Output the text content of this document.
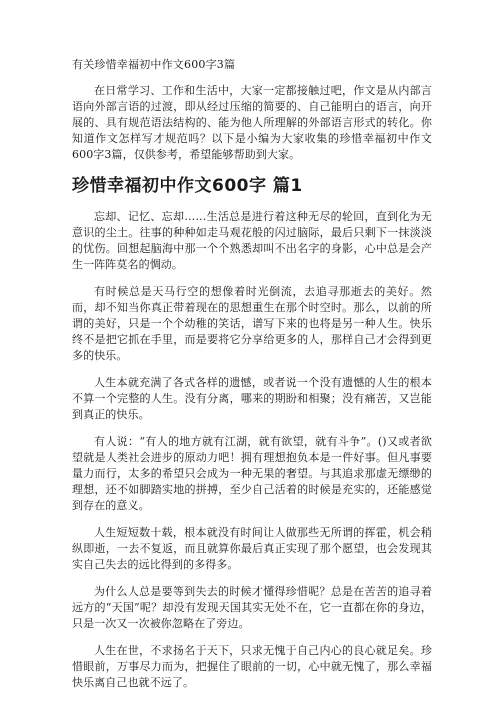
有关珍惜幸福初中作文600字3篇

在日常学习、工作和生活中，大家一定都接触过吧，作文是从内部言语向外部言语的过渡，即从经过压缩的简要的、自己能明白的语言，向开展的、具有规范语法结构的、能为他人所理解的外部语言形式的转化。你知道作文怎样写才规范吗？以下是小编为大家收集的珍惜幸福初中作文600字3篇，仅供参考，希望能够帮助到大家。

珍惜幸福初中作文600字 篇1

忘却、记忆、忘却……生活总是进行着这种无尽的轮回，直到化为无意识的尘土。往事的种种如走马观花般的闪过脑际，最后只剩下一抹淡淡的忧伤。回想起脑海中那一个个熟悉却叫不出名字的身影，心中总是会产生一阵阵莫名的惆动。

有时候总是天马行空的想像着时光倒流，去追寻那逝去的美好。然而，却不知当你真正带着现在的思想重生在那个时空时。那么，以前的所谓的美好，只是一个个幼稚的笑话，谱写下来的也将是另一种人生。快乐终不是把它抓在手里，而是要将它分享给更多的人，那样自己才会得到更多的快乐。

人生本就充满了各式各样的遗憾，或者说一个没有遗憾的人生的根本不算一个完整的人生。没有分离，哪来的期盼和相聚；没有痛苦，又岂能到真正的快乐。

有人说：“有人的地方就有江湖，就有欲望，就有斗争”。()又或者欲望就是人类社会进步的原动力吧！拥有理想抱负本是一件好事。但凡事要量力而行，太多的希望只会成为一种无果的奢望。与其追求那虚无缥缈的理想，还不如脚踏实地的拼搏，至少自己活着的时候是充实的，还能感觉到存在的意义。

人生短短数十载，根本就没有时间让人做那些无所谓的挥霍，机会稍纵即逝，一去不复返，而且就算你最后真正实现了那个愿望，也会发现其实自己失去的远比得到的多得多。

为什么人总是要等到失去的时候才懂得珍惜呢？总是在苦苦的追寻着远方的“天国”呢？却没有发现天国其实无处不在，它一直都在你的身边，只是一次又一次被你忽略在了旁边。

人生在世，不求扬名于天下，只求无愧于自己内心的良心就足矣。珍惜眼前，万事尽力而为，把握住了眼前的一切，心中就无愧了，那么幸福快乐离自己也就不远了。
